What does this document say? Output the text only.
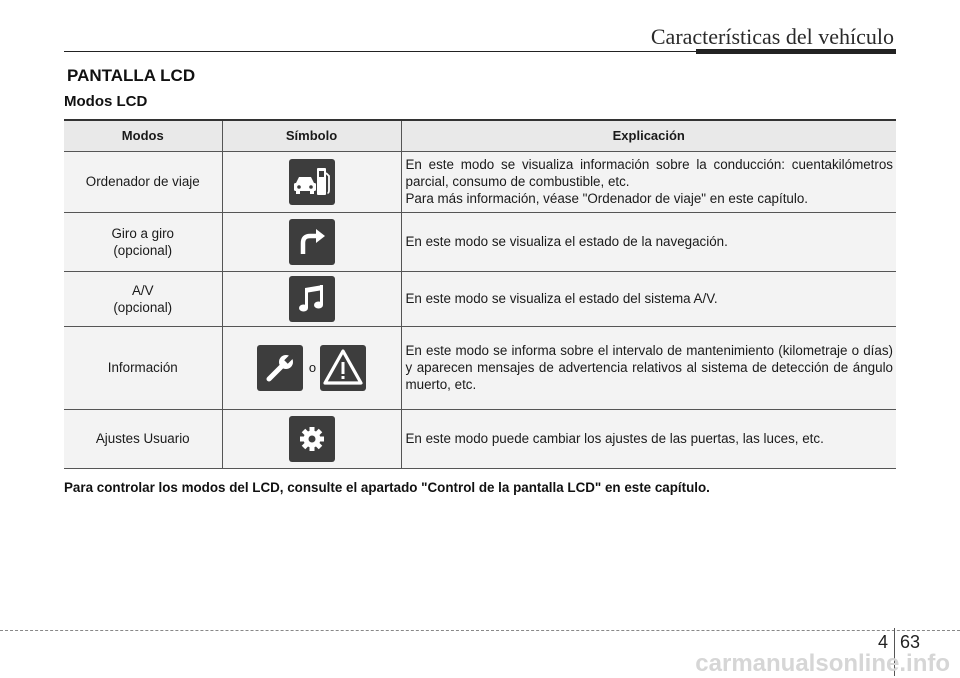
Características del vehículo
PANTALLA LCD
Modos LCD
Modos	Símbolo	Explicación

Ordenador de viaje		En este modo se visualiza información sobre la conducción: cuentakilómetros parcial, consumo de combustible, etc.
Para más información, véase "Ordenador de viaje" en este capítulo.

Giro a giro
(opcional)		En este modo se visualiza el estado de la navegación.

A/V
(opcional)		En este modo se visualiza el estado del sistema A/V.

Información	o	En este modo se informa sobre el intervalo de mantenimiento (kilometraje o días) y aparecen mensajes de advertencia relativos al sistema de detección de ángulo muerto, etc.

Ajustes Usuario		En este modo puede cambiar los ajustes de las puertas, las luces, etc.
Para controlar los modos del LCD, consulte el apartado "Control de la pantalla LCD" en este capítulo.
4 63
carmanualsonline.info
